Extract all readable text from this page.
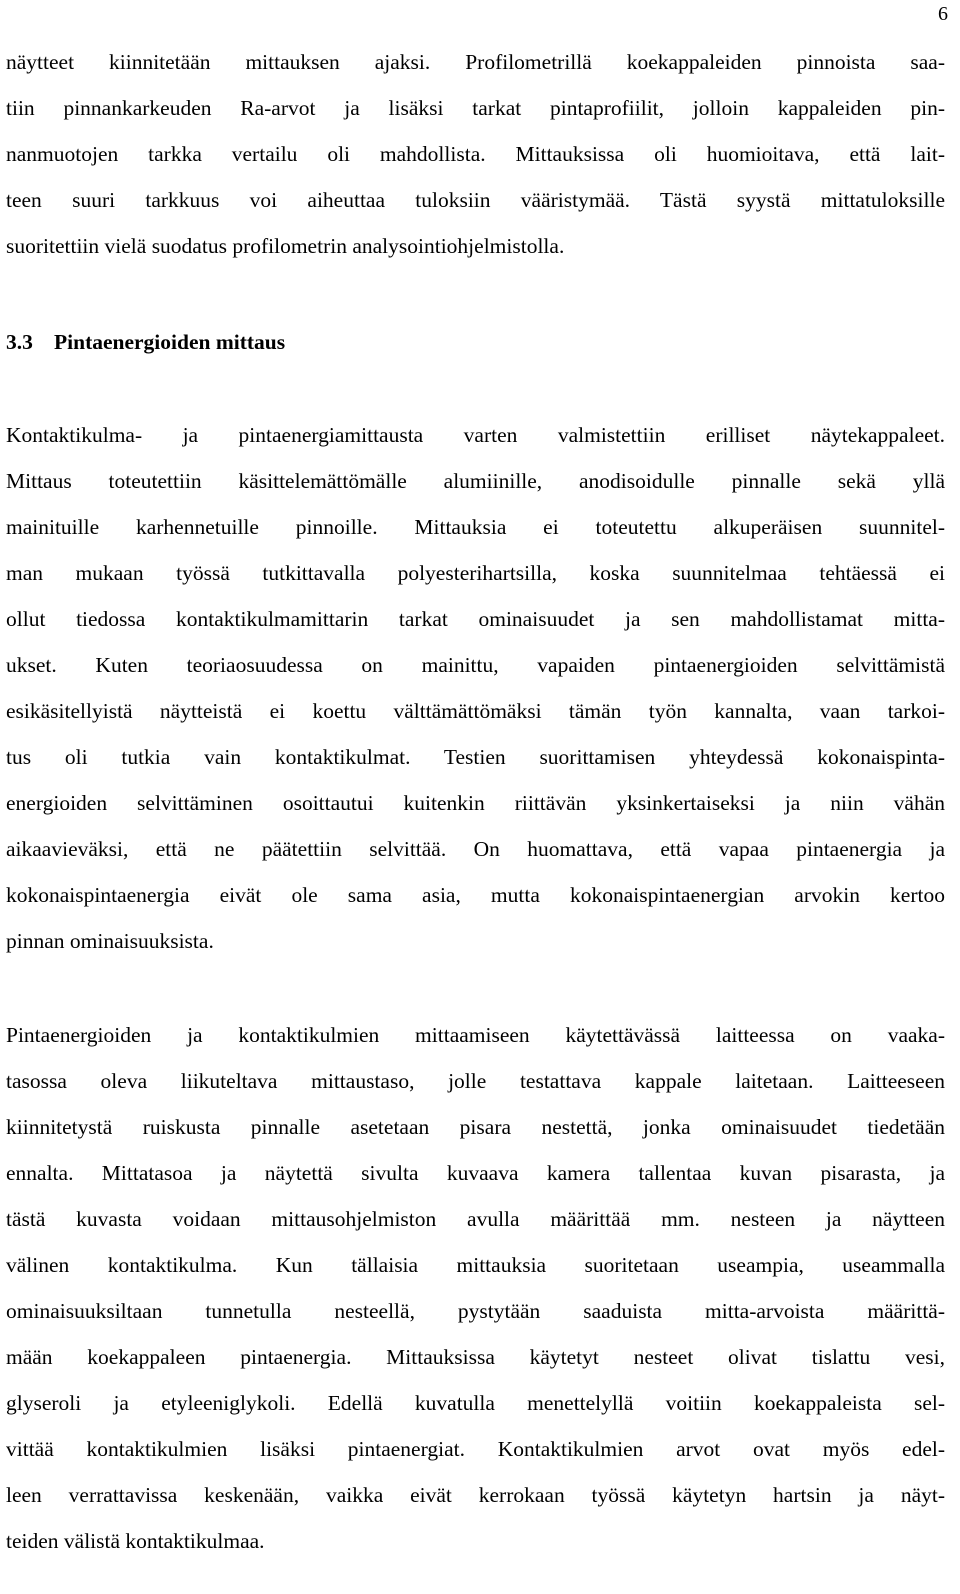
6
näytteet kiinnitetään mittauksen ajaksi. Profilometrillä koekappaleiden pinnoista saa-
tiin pinnankarkeuden Ra-arvot ja lisäksi tarkat pintaprofiilit, jolloin kappaleiden pin-
nanmuotojen tarkka vertailu oli mahdollista. Mittauksissa oli huomioitava, että lait-
teen suuri tarkkuus voi aiheuttaa tuloksiin vääristymää. Tästä syystä mittatuloksille
suoritettiin vielä suodatus profilometrin analysointiohjelmistolla.
3.3 Pintaenergioiden mittaus
Kontaktikulma- ja pintaenergiamittausta varten valmistettiin erilliset näytekappaleet.
Mittaus toteutettiin käsittelemättömälle alumiinille, anodisoidulle pinnalle sekä yllä
mainituille karhennetuille pinnoille. Mittauksia ei toteutettu alkuperäisen suunnitel-
man mukaan työssä tutkittavalla polyesterihartsilla, koska suunnitelmaa tehtäessä ei
ollut tiedossa kontaktikulmamittarin tarkat ominaisuudet ja sen mahdollistamat mitta-
ukset. Kuten teoriaosuudessa on mainittu, vapaiden pintaenergioiden selvittämistä
esikäsitellyistä näytteistä ei koettu välttämättömäksi tämän työn kannalta, vaan tarkoi-
tus oli tutkia vain kontaktikulmat. Testien suorittamisen yhteydessä kokonaispinta-
energioiden selvittäminen osoittautui kuitenkin riittävän yksinkertaiseksi ja niin vähän
aikaavieväksi, että ne päätettiin selvittää. On huomattava, että vapaa pintaenergia ja
kokonaispintaenergia eivät ole sama asia, mutta kokonaispintaenergian arvokin kertoo
pinnan ominaisuuksista.
Pintaenergioiden ja kontaktikulmien mittaamiseen käytettävässä laitteessa on vaaka-
tasossa oleva liikuteltava mittaustaso, jolle testattava kappale laitetaan. Laitteeseen
kiinnitetystä ruiskusta pinnalle asetetaan pisara nestettä, jonka ominaisuudet tiedetään
ennalta. Mittatasoa ja näytettä sivulta kuvaava kamera tallentaa kuvan pisarasta, ja
tästä kuvasta voidaan mittausohjelmiston avulla määrittää mm. nesteen ja näytteen
välinen kontaktikulma. Kun tällaisia mittauksia suoritetaan useampia, useammalla
ominaisuuksiltaan tunnetulla nesteellä, pystytään saaduista mitta-arvoista määrittä-
mään koekappaleen pintaenergia. Mittauksissa käytetyt nesteet olivat tislattu vesi,
glyseroli ja etyleeniglykoli. Edellä kuvatulla menettelyllä voitiin koekappaleista sel-
vittää kontaktikulmien lisäksi pintaenergiat. Kontaktikulmien arvot ovat myös edel-
leen verrattavissa keskenään, vaikka eivät kerrokaan työssä käytetyn hartsin ja näyt-
teiden välistä kontaktikulmaa.
